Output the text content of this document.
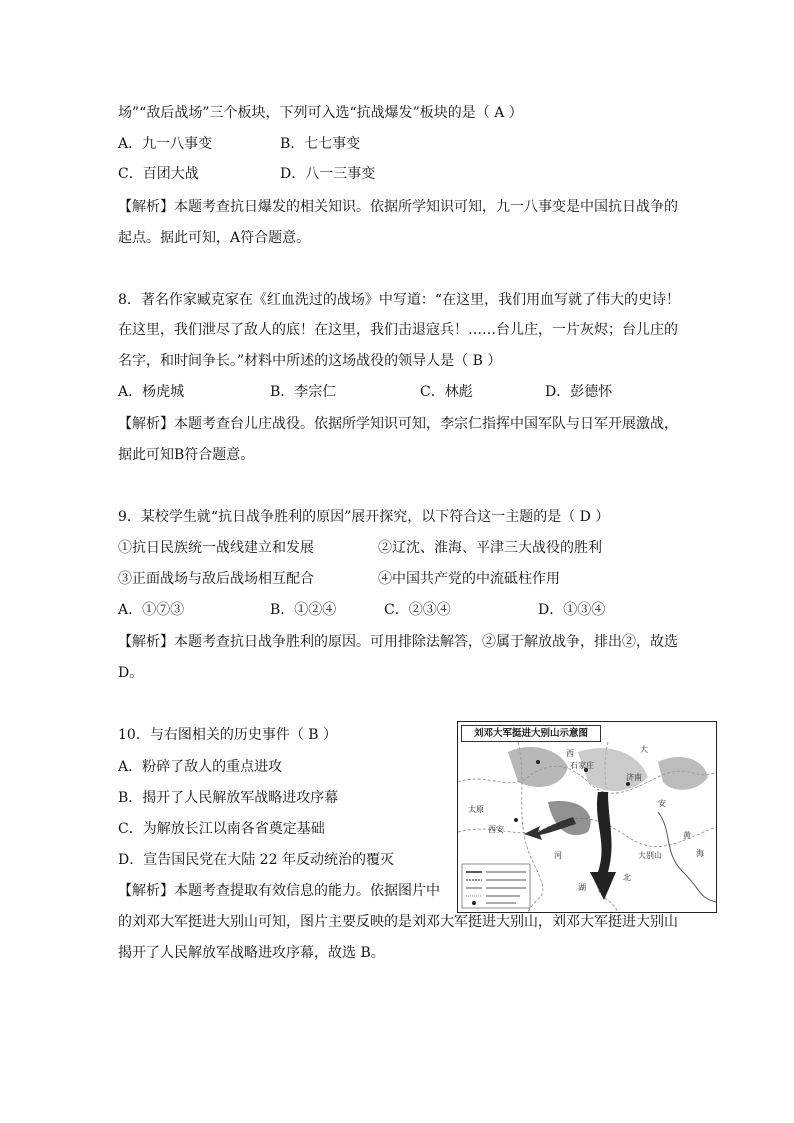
场”“敌后战场”三个板块，下列可入选“抗战爆发”板块的是（ A ）
A．九一八事变	B．七七事变
C．百团大战	D．八一三事变
【解析】本题考查抗日爆发的相关知识。依据所学知识可知，九一八事变是中国抗日战争的
起点。据此可知，A符合题意。
8．著名作家臧克家在《红血洗过的战场》中写道：“在这里，我们用血写就了伟大的史诗！
在这里，我们泄尽了敌人的底！在这里，我们击退寇兵！……台儿庄，一片灰烬；台儿庄的
名字，和时间争长。”材料中所述的这场战役的领导人是（ B ）
A．杨虎城	B．李宗仁	C．林彪	D．彭德怀
【解析】本题考查台儿庄战役。依据所学知识可知，李宗仁指挥中国军队与日军开展激战，
据此可知B符合题意。
9．某校学生就“抗日战争胜利的原因”展开探究，以下符合这一主题的是（ D ）
①抗日民族统一战线建立和发展	②辽沈、淮海、平津三大战役的胜利
③正面战场与敌后战场相互配合	④中国共产党的中流砥柱作用
A．①⑦③	B．①②④	C．②③④	D．①③④
【解析】本题考查抗日战争胜利的原因。可用排除法解答，②属于解放战争，排出②，故选
D。
10．与右图相关的历史事件（ B ）
A．粉碎了敌人的重点进攻
B．揭开了人民解放军战略进攻序幕
C．为解放长江以南各省奠定基础
D．宣告国民党在大陆 22 年反动统治的覆灭
【解析】本题考查提取有效信息的能力。依据图片中
的刘邓大军挺进大别山可知，图片主要反映的是刘邓大军挺进大别山，刘邓大军挺进大别山
揭开了人民解放军战略进攻序幕，故选 B。
刘邓大军挺进大别山示意图
西	大
黄
海
湖
北
西安
太原
石家庄
济南
大别山
安
河
